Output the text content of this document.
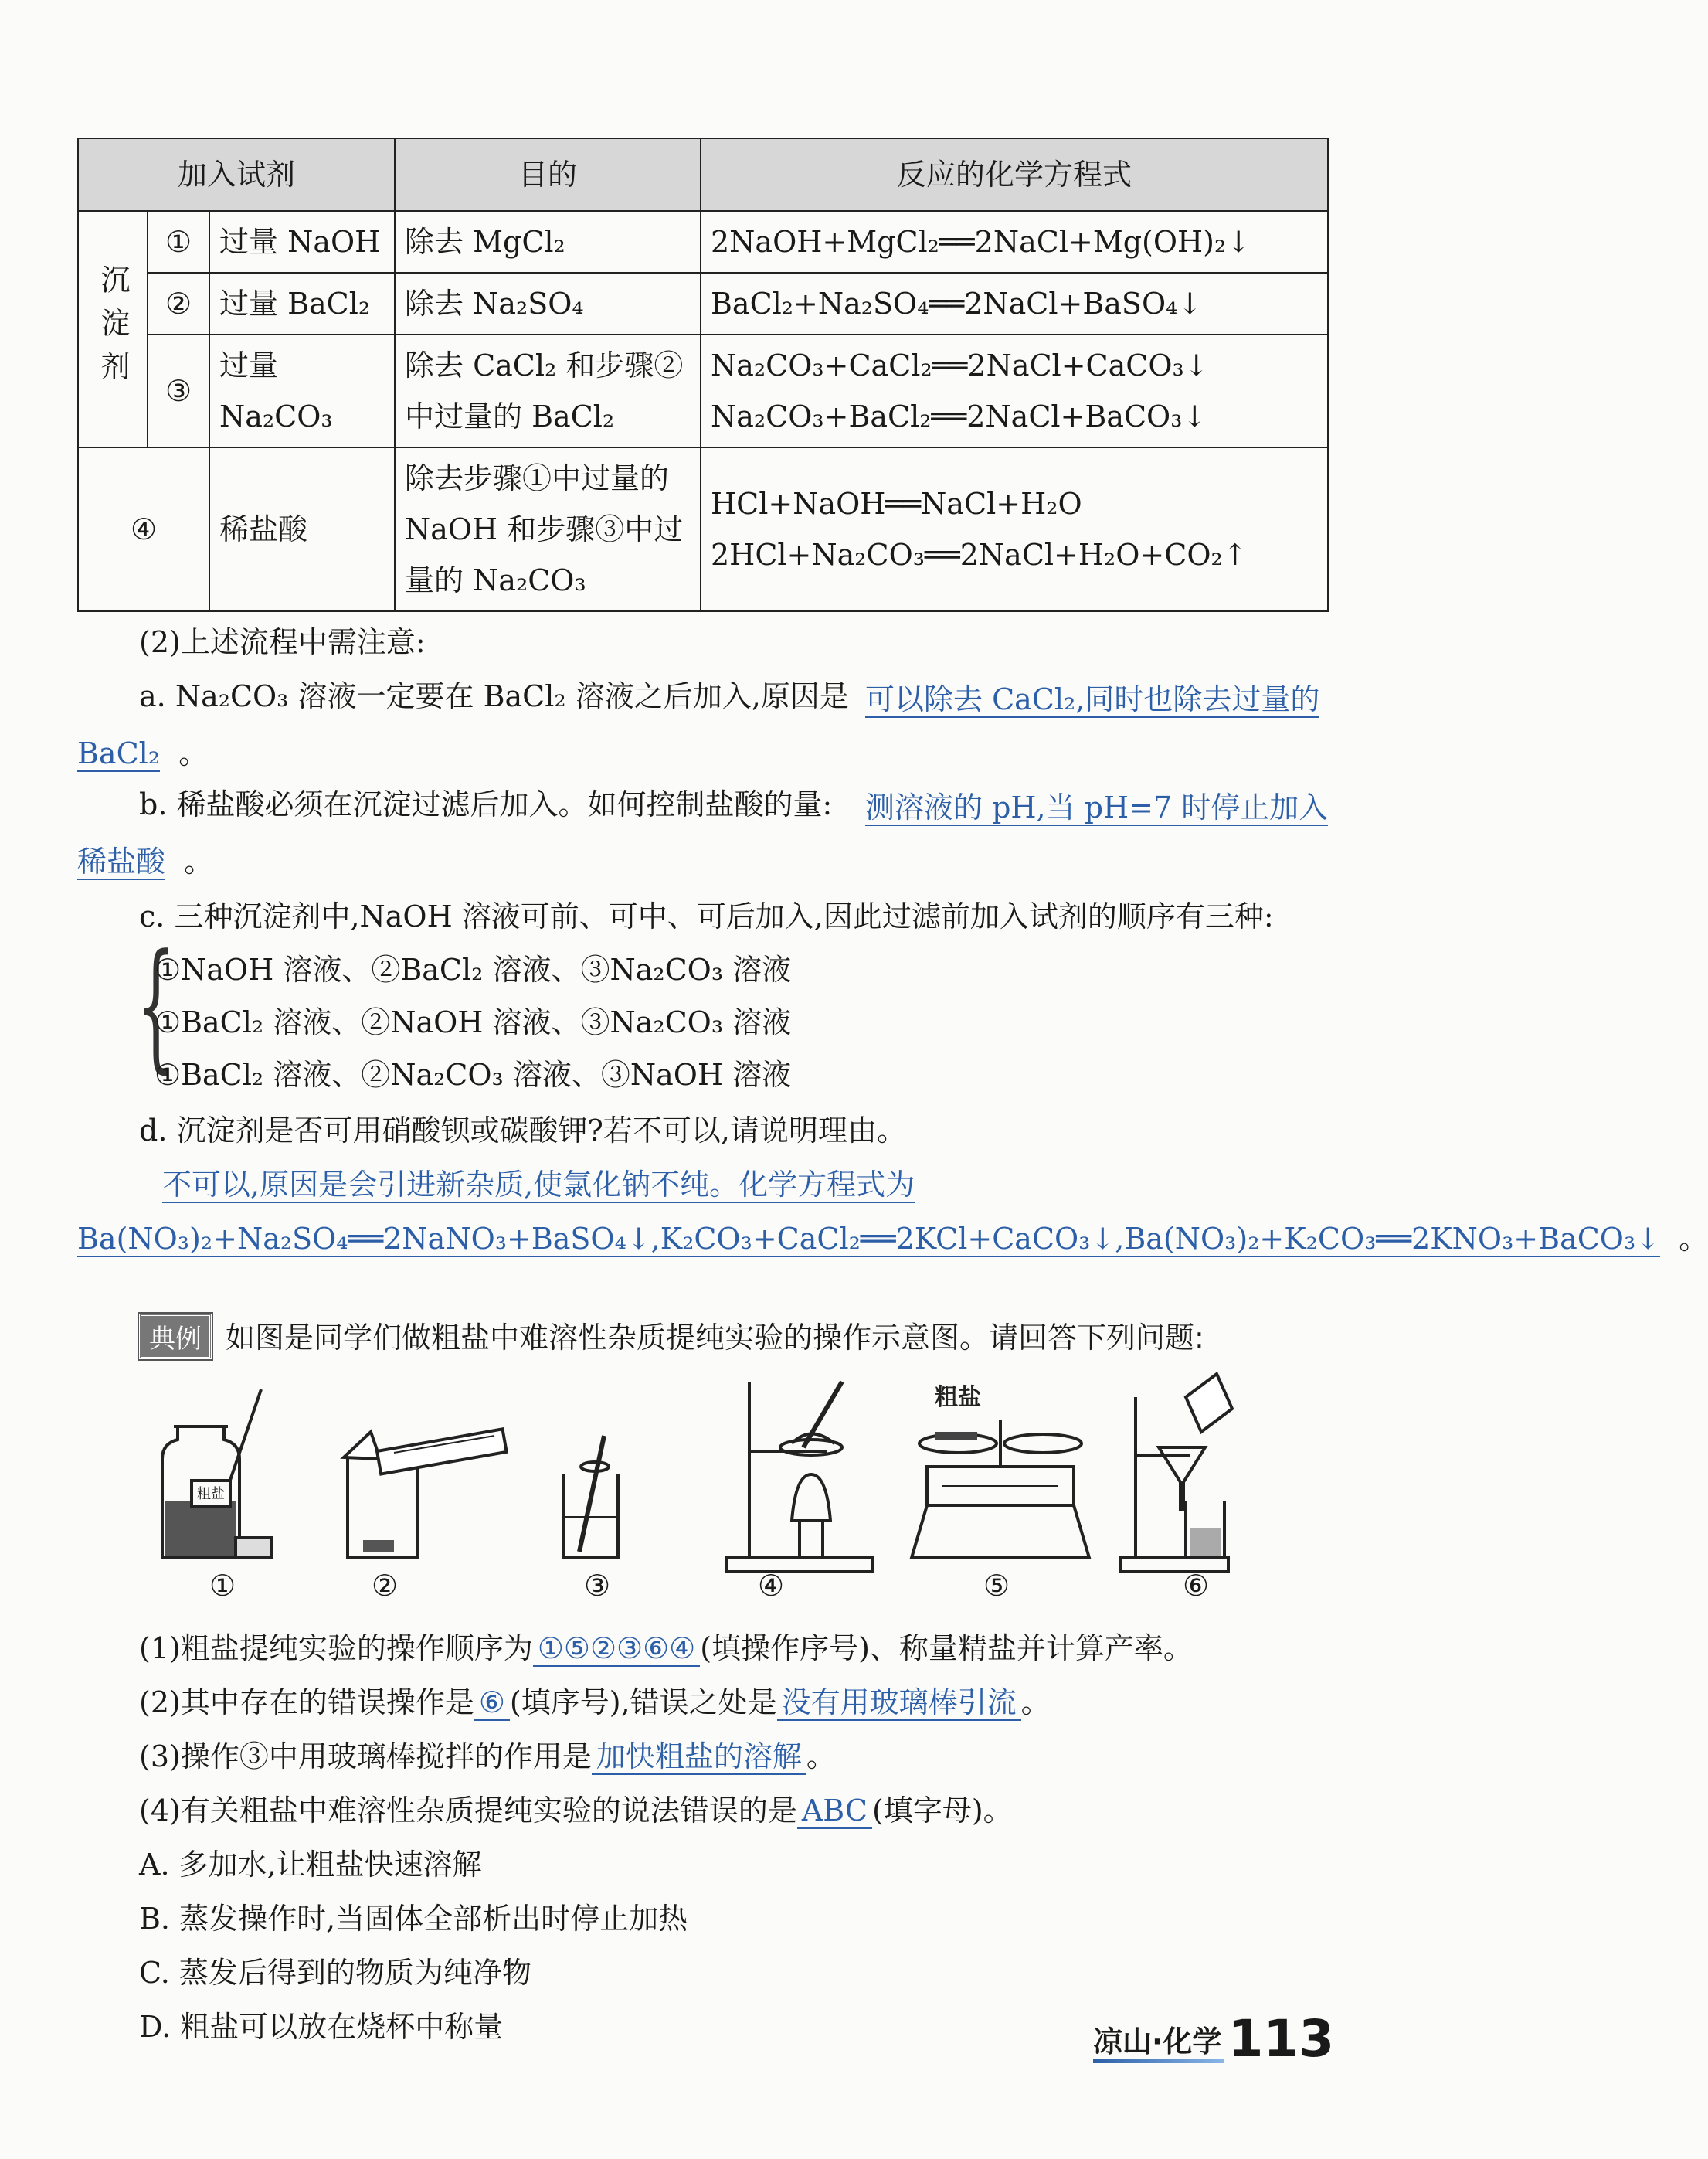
加入试剂			目的	反应的化学方程式

沉淀剂	①	过量 NaOH	除去 MgCl₂	2NaOH+MgCl₂══2NaCl+Mg(OH)₂↓
	②	过量 BaCl₂	除去 Na₂SO₄	BaCl₂+Na₂SO₄══2NaCl+BaSO₄↓
	③	过量 Na₂CO₃	除去 CaCl₂ 和步骤②中过量的 BaCl₂	Na₂CO₃+CaCl₂══2NaCl+CaCO₃↓
Na₂CO₃+BaCl₂══2NaCl+BaCO₃↓

④		稀盐酸	除去步骤①中过量的 NaOH 和步骤③中过量的 Na₂CO₃	HCl+NaOH══NaCl+H₂O
2HCl+Na₂CO₃══2NaCl+H₂O+CO₂↑
(2)上述流程中需注意:
a. Na₂CO₃ 溶液一定要在 BaCl₂ 溶液之后加入,原因是 可以除去 CaCl₂,同时也除去过量的 BaCl₂  。
b. 稀盐酸必须在沉淀过滤后加入。如何控制盐酸的量:	测溶液的 pH,当 pH=7 时停止加入稀盐酸  。
c. 三种沉淀剂中,NaOH 溶液可前、可中、可后加入,因此过滤前加入试剂的顺序有三种:
{
①NaOH 溶液、②BaCl₂ 溶液、③Na₂CO₃ 溶液
①BaCl₂ 溶液、②NaOH 溶液、③Na₂CO₃ 溶液
①BaCl₂ 溶液、②Na₂CO₃ 溶液、③NaOH 溶液
d. 沉淀剂是否可用硝酸钡或碳酸钾?若不可以,请说明理由。
不可以,原因是会引进新杂质,使氯化钠不纯。化学方程式为 Ba(NO₃)₂+Na₂SO₄══2NaNO₃+BaSO₄↓,K₂CO₃+CaCl₂══2KCl+CaCO₃↓,Ba(NO₃)₂+K₂CO₃══2KNO₃+BaCO₃↓  。
典例 如图是同学们做粗盐中难溶性杂质提纯实验的操作示意图。请回答下列问题:
粗盐
粗盐
①	②	③	④	⑤	⑥
(1)粗盐提纯实验的操作顺序为 ①⑤②③⑥④ (填操作序号)、称量精盐并计算产率。
(2)其中存在的错误操作是 ⑥ (填序号),错误之处是 没有用玻璃棒引流 。
(3)操作③中用玻璃棒搅拌的作用是 加快粗盐的溶解 。
(4)有关粗盐中难溶性杂质提纯实验的说法错误的是 ABC (填字母)。
A. 多加水,让粗盐快速溶解
B. 蒸发操作时,当固体全部析出时停止加热
C. 蒸发后得到的物质为纯净物
D. 粗盐可以放在烧杯中称量	凉山·化学 113
